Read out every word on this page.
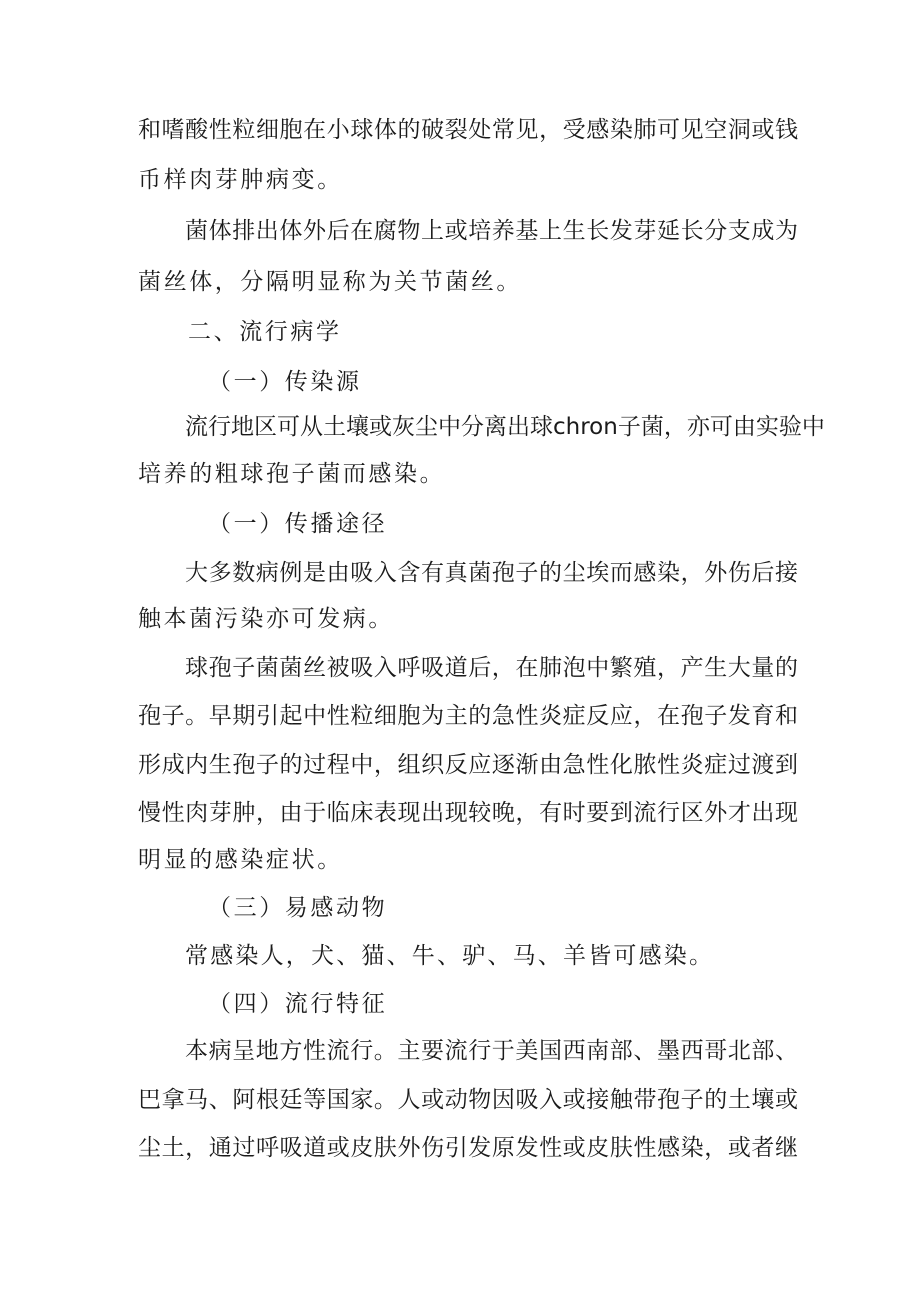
和嗜酸性粒细胞在小球体的破裂处常见，受感染肺可见空洞或钱
币样肉芽肿病变。
菌体排出体外后在腐物上或培养基上生长发芽延长分支成为
菌丝体，分隔明显称为关节菌丝。
二、流行病学
（一）传染源
流行地区可从土壤或灰尘中分离出球chron子菌，亦可由实验中
培养的粗球孢子菌而感染。
（一）传播途径
大多数病例是由吸入含有真菌孢子的尘埃而感染，外伤后接
触本菌污染亦可发病。
球孢子菌菌丝被吸入呼吸道后，在肺泡中繁殖，产生大量的
孢子。早期引起中性粒细胞为主的急性炎症反应，在孢子发育和
形成内生孢子的过程中，组织反应逐渐由急性化脓性炎症过渡到
慢性肉芽肿，由于临床表现出现较晚，有时要到流行区外才出现
明显的感染症状。
（三）易感动物
常感染人，犬、猫、牛、驴、马、羊皆可感染。
（四）流行特征
本病呈地方性流行。主要流行于美国西南部、墨西哥北部、
巴拿马、阿根廷等国家。人或动物因吸入或接触带孢子的土壤或
尘土，通过呼吸道或皮肤外伤引发原发性或皮肤性感染，或者继
